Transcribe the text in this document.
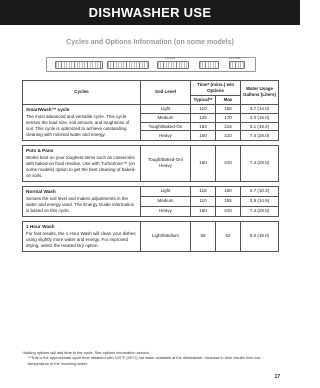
DISHWASHER USE
Cycles and Options Information (on some models)
CYCLES	OPTIONS
Cycles	Soil Level	Time* (mins.) w/o Options		Water Usage Gallons (Liters)
		Typical**	Max	

SmartWash™ cycle
The most advanced and versatile cycle. This cycle senses the load size, soil amount, and toughness of soil. This cycle is optimized to achieve outstanding cleaning with minimal water and energy.	Light	110	155	3.7 (14.0)
	Medium	125	170	4.0 (15.0)
	Tough/Baked-On	163	215	5.1 (19.4)
	Heavy	160	210	7.4 (28.0)

Pots & Pans
Works best on your toughest items such as casseroles with baked-on food residue. Use with TurboZone™ (on some models) option to get the best cleaning of baked-on soils.	Tough/Baked-On/ Heavy	160	210	7.4 (28.0)

Normal Wash
Senses the soil level and makes adjustments in the water and energy used. The Energy Guide information is based on this cycle.	Light	115	160	2.7 (10.3)
	Medium	110	155	3.9 (14.9)
	Heavy	160	210	7.4 (28.0)

1 Hour Wash
For fast results, the 1 Hour Wash will clean your dishes using slightly more water and energy. For improved drying, select the Heated Dry option.	Light/Medium	58	62	5.0 (19.0)

*Adding options will add time to the cycle. See options information section.

**This is the approximate cycle time obtained with 120°F (49°C) hot water available at the dishwasher. Increase in time results from low temperature of the incoming water.

17
